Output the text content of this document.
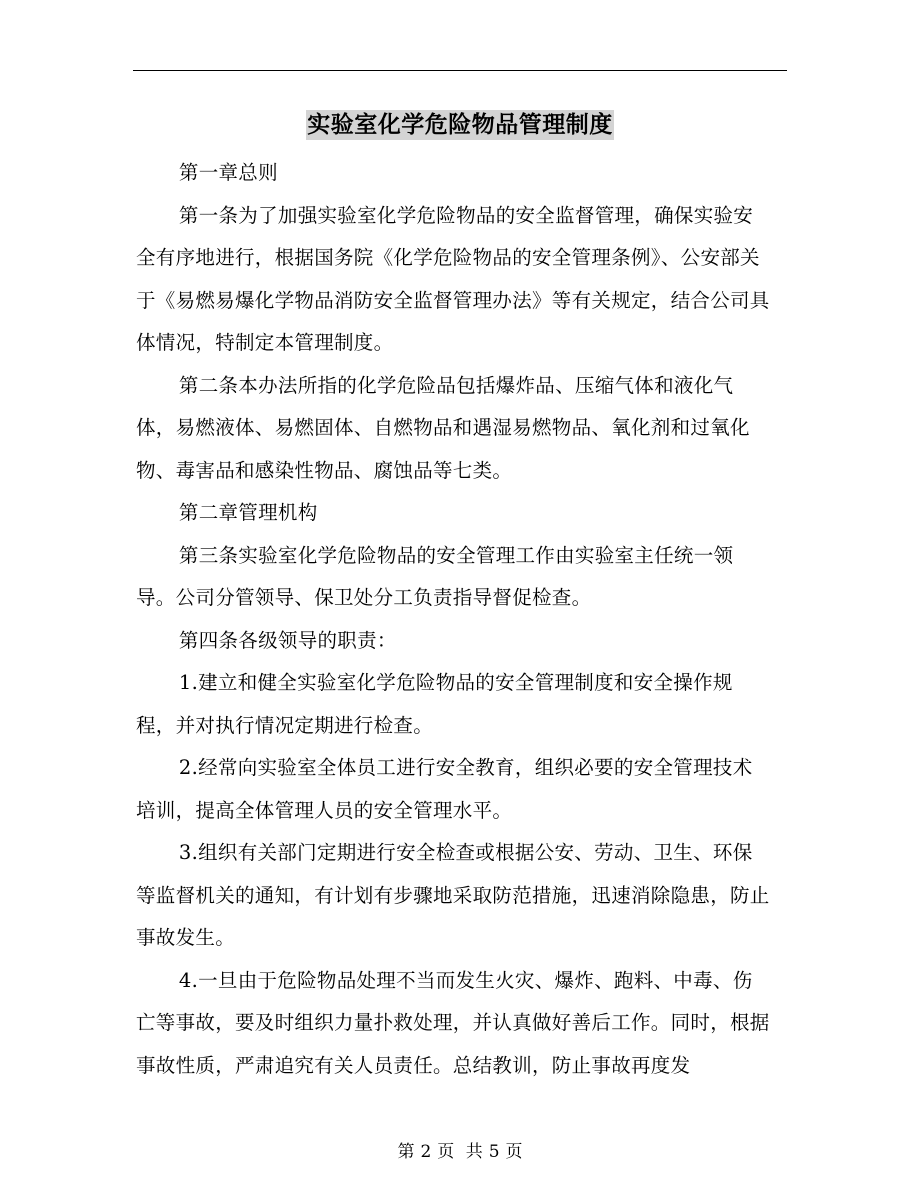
实验室化学危险物品管理制度

第一章总则

第一条为了加强实验室化学危险物品的安全监督管理，确保实验安全有序地进行，根据国务院《化学危险物品的安全管理条例》、公安部关于《易燃易爆化学物品消防安全监督管理办法》等有关规定，结合公司具体情况，特制定本管理制度。

第二条本办法所指的化学危险品包括爆炸品、压缩气体和液化气体，易燃液体、易燃固体、自燃物品和遇湿易燃物品、氧化剂和过氧化物、毒害品和感染性物品、腐蚀品等七类。

第二章管理机构

第三条实验室化学危险物品的安全管理工作由实验室主任统一领导。公司分管领导、保卫处分工负责指导督促检查。

第四条各级领导的职责：

1.建立和健全实验室化学危险物品的安全管理制度和安全操作规程，并对执行情况定期进行检查。

2.经常向实验室全体员工进行安全教育，组织必要的安全管理技术培训，提高全体管理人员的安全管理水平。

3.组织有关部门定期进行安全检查或根据公安、劳动、卫生、环保等监督机关的通知，有计划有步骤地采取防范措施，迅速消除隐患，防止事故发生。

4.一旦由于危险物品处理不当而发生火灾、爆炸、跑料、中毒、伤亡等事故，要及时组织力量扑救处理，并认真做好善后工作。同时，根据事故性质，严肃追究有关人员责任。总结教训，防止事故再度发

第 2 页 共 5 页
